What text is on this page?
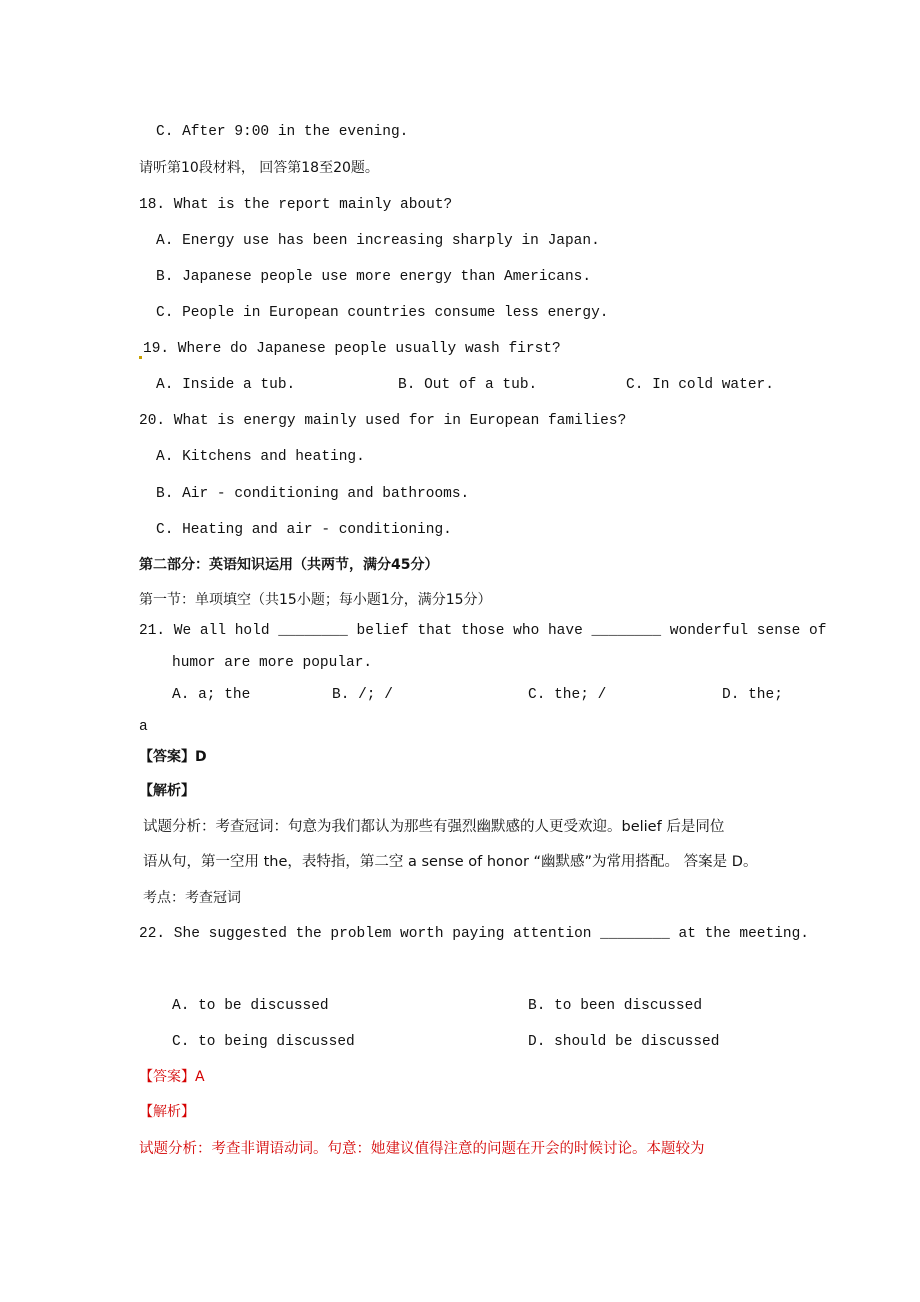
C. After 9:00 in the evening.
请听第10段材料， 回答第18至20题。
18. What is the report mainly about?
A. Energy use has been increasing sharply in Japan.
B. Japanese people use more energy than Americans.
C. People in European countries consume less energy.
19. Where do Japanese people usually wash first?
A. Inside a tub.	B. Out of a tub.	C. In cold water.
20. What is energy mainly used for in European families?
A. Kitchens and heating.
B. Air - conditioning and bathrooms.
C. Heating and air - conditioning.
第二部分：英语知识运用（共两节，满分45分）
第一节：单项填空（共15小题；每小题1分，满分15分）
21. We all hold ________ belief that those who have ________ wonderful sense of
humor are more popular.
A. a; the	B. /; /	C. the; /	D. the;
a
【答案】D
【解析】
试题分析：考查冠词：句意为我们都认为那些有强烈幽默感的人更受欢迎。belief 后是同位
语从句，第一空用 the，表特指，第二空 a sense of honor “幽默感”为常用搭配。 答案是 D。
考点：考查冠词
22. She suggested the problem worth paying attention ________ at the meeting.
A. to be discussed	B. to been discussed
C. to being discussed	D. should be discussed
【答案】A
【解析】
试题分析：考查非谓语动词。句意：她建议值得注意的问题在开会的时候讨论。本题较为
